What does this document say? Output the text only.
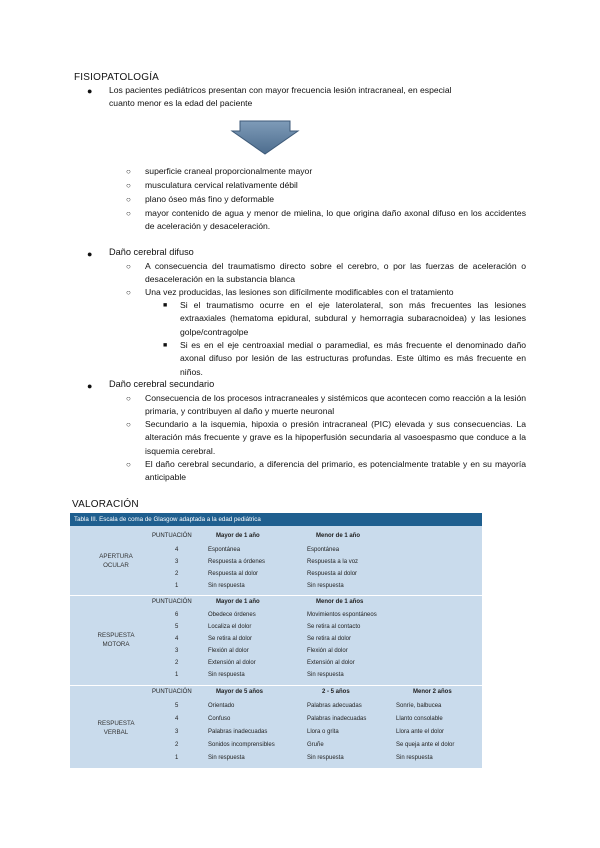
FISIOPATOLOGÍA
● Los pacientes pediátricos presentan con mayor frecuencia lesión intracraneal, en especial
cuanto menor es la edad del paciente
○ superficie craneal proporcionalmente mayor
○ musculatura cervical relativamente débil
○ plano óseo más fino y deformable
○ mayor contenido de agua y menor de mielina, lo que origina daño axonal difuso en los accidentes de aceleración y desaceleración.
● Daño cerebral difuso
○ A consecuencia del traumatismo directo sobre el cerebro, o por las fuerzas de aceleración o desaceleración en la substancia blanca
○ Una vez producidas, las lesiones son difícilmente modificables con el tratamiento
■ Si el traumatismo ocurre en el eje laterolateral, son más frecuentes las lesiones extraaxiales (hematoma epidural, subdural y hemorragia subaracnoidea) y las lesiones golpe/contragolpe
■ Si es en el eje centroaxial medial o paramedial, es más frecuente el denominado daño axonal difuso por lesión de las estructuras profundas. Este último es más frecuente en niños.
● Daño cerebral secundario
○ Consecuencia de los procesos intracraneales y sistémicos que acontecen como reacción a la lesión primaria, y contribuyen al daño y muerte neuronal
○ Secundario a la isquemia, hipoxia o presión intracraneal (PIC) elevada y sus consecuencias. La alteración más frecuente y grave es la hipoperfusión secundaria al vasoespasmo que conduce a la isquemia cerebral.
○ El daño cerebral secundario, a diferencia del primario, es potencialmente tratable y en su mayoría anticipable
VALORACIÓN
Tabla III. Escala de coma de Glasgow adaptada a la edad pediátrica
APERTURA
OCULAR
PUNTUACIÓN	Mayor de 1 año	Menor de 1 año
4	Espontánea	Espontánea
3	Respuesta a órdenes	Respuesta a la voz
2	Respuesta al dolor	Respuesta al dolor
1	Sin respuesta	Sin respuesta
RESPUESTA
MOTORA
PUNTUACIÓN	Mayor de 1 año	Menor de 1 años
6	Obedece órdenes	Movimientos espontáneos
5	Localiza el dolor	Se retira al contacto
4	Se retira al dolor	Se retira al dolor
3	Flexión al dolor	Flexión al dolor
2	Extensión al dolor	Extensión al dolor
1	Sin respuesta	Sin respuesta
RESPUESTA
VERBAL
PUNTUACIÓN	Mayor de 5 años	2 - 5 años	Menor 2 años
5	Orientado	Palabras adecuadas	Sonríe, balbucea
4	Confuso	Palabras inadecuadas	Llanto consolable
3	Palabras inadecuadas	Llora o grita	Llora ante el dolor
2	Sonidos incomprensibles	Gruñe	Se queja ante el dolor
1	Sin respuesta	Sin respuesta	Sin respuesta
